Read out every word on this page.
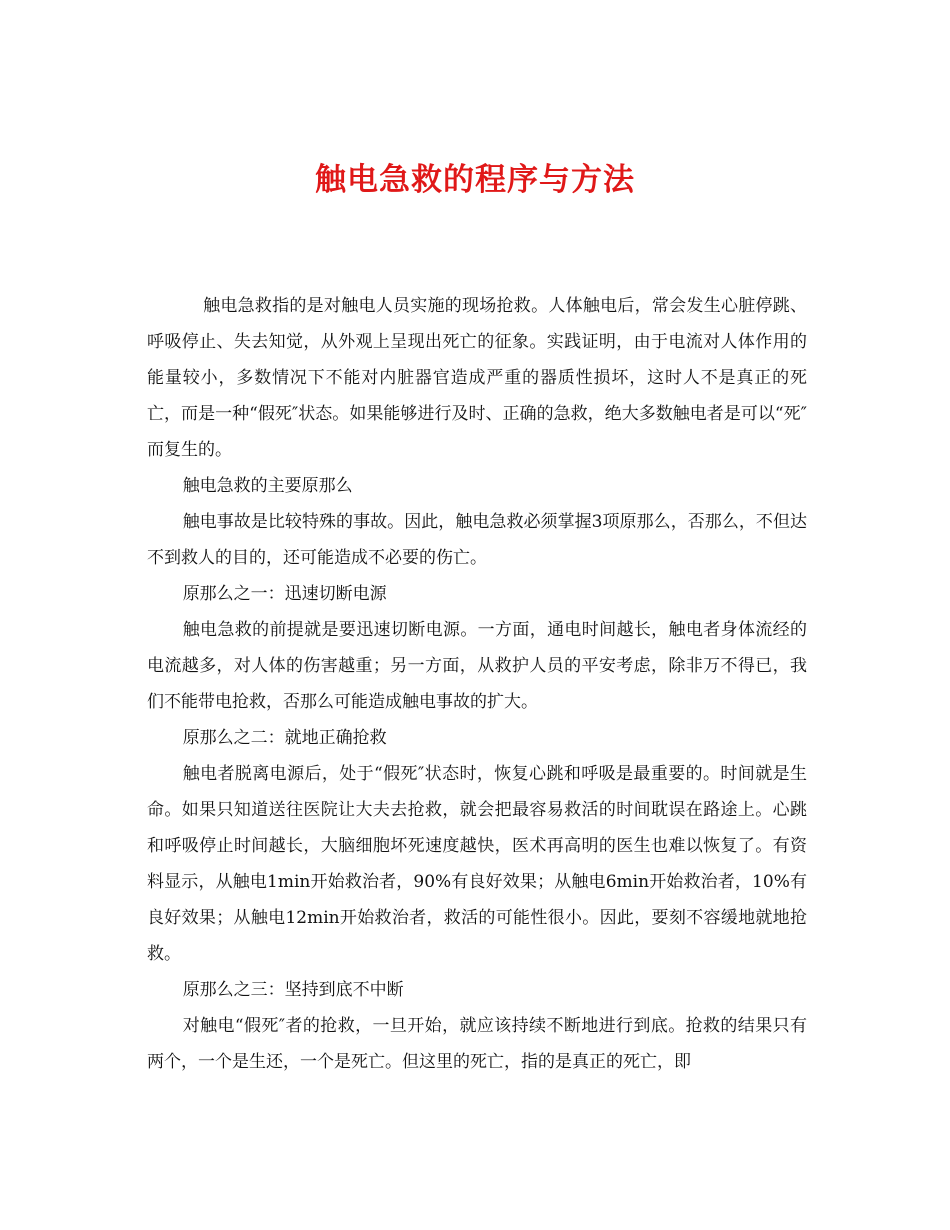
触电急救的程序与方法

触电急救指的是对触电人员实施的现场抢救。人体触电后，常会发生心脏停跳、呼吸停止、失去知觉，从外观上呈现出死亡的征象。实践证明，由于电流对人体作用的能量较小，多数情况下不能对内脏器官造成严重的器质性损坏，这时人不是真正的死亡，而是一种“假死″状态。如果能够进行及时、正确的急救，绝大多数触电者是可以“死″而复生的。

触电急救的主要原那么

触电事故是比较特殊的事故。因此，触电急救必须掌握3项原那么，否那么，不但达不到救人的目的，还可能造成不必要的伤亡。

原那么之一：迅速切断电源

触电急救的前提就是要迅速切断电源。一方面，通电时间越长，触电者身体流经的电流越多，对人体的伤害越重；另一方面，从救护人员的平安考虑，除非万不得已，我们不能带电抢救，否那么可能造成触电事故的扩大。

原那么之二：就地正确抢救

触电者脱离电源后，处于“假死″状态时，恢复心跳和呼吸是最重要的。时间就是生命。如果只知道送往医院让大夫去抢救，就会把最容易救活的时间耽误在路途上。心跳和呼吸停止时间越长，大脑细胞坏死速度越快，医术再高明的医生也难以恢复了。有资料显示，从触电1min开始救治者，90%有良好效果；从触电6min开始救治者，10%有良好效果；从触电12min开始救治者，救活的可能性很小。因此，要刻不容缓地就地抢救。

原那么之三：坚持到底不中断

对触电“假死″者的抢救，一旦开始，就应该持续不断地进行到底。抢救的结果只有两个，一个是生还，一个是死亡。但这里的死亡，指的是真正的死亡，即
